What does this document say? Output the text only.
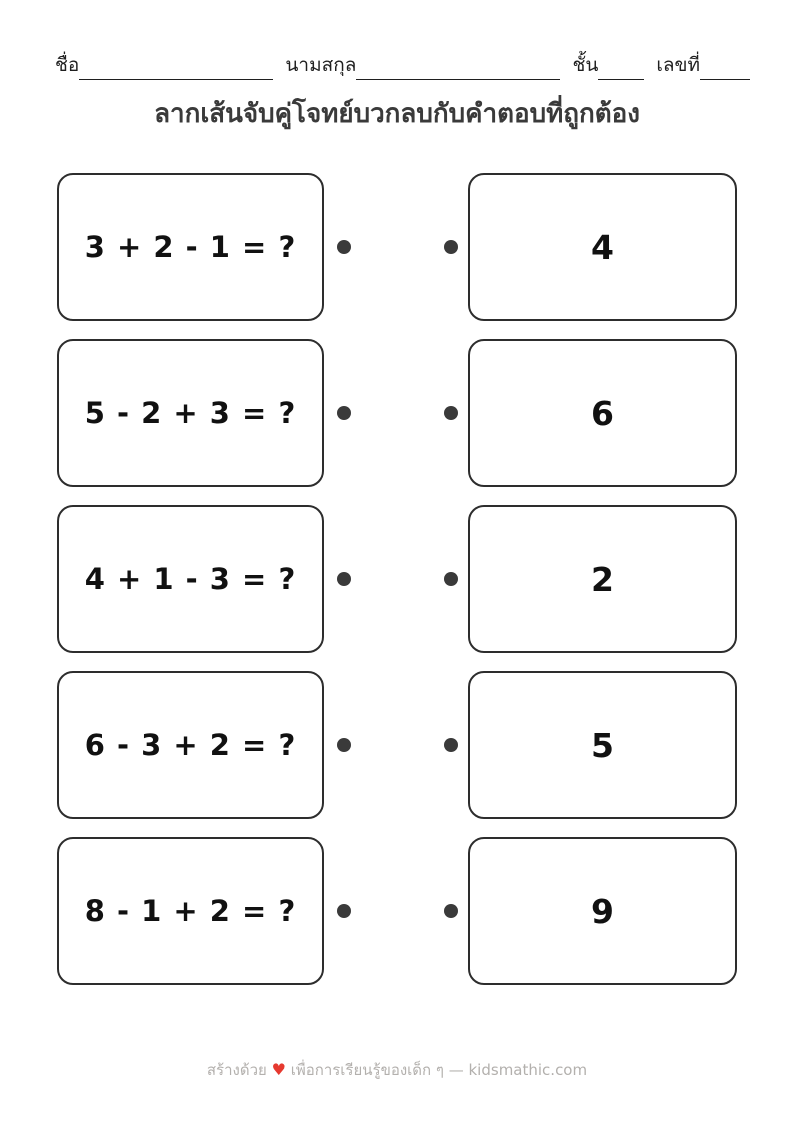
ชื่อ	นามสกุล	ชั้น	เลขที่
ลากเส้นจับคู่โจทย์บวกลบกับคำตอบที่ถูกต้อง
3 + 2 - 1 = ?	4
5 - 2 + 3 = ?	6
4 + 1 - 3 = ?	2
6 - 3 + 2 = ?	5
8 - 1 + 2 = ?	9
สร้างด้วย ♥ เพื่อการเรียนรู้ของเด็ก ๆ — kidsmathic.com
